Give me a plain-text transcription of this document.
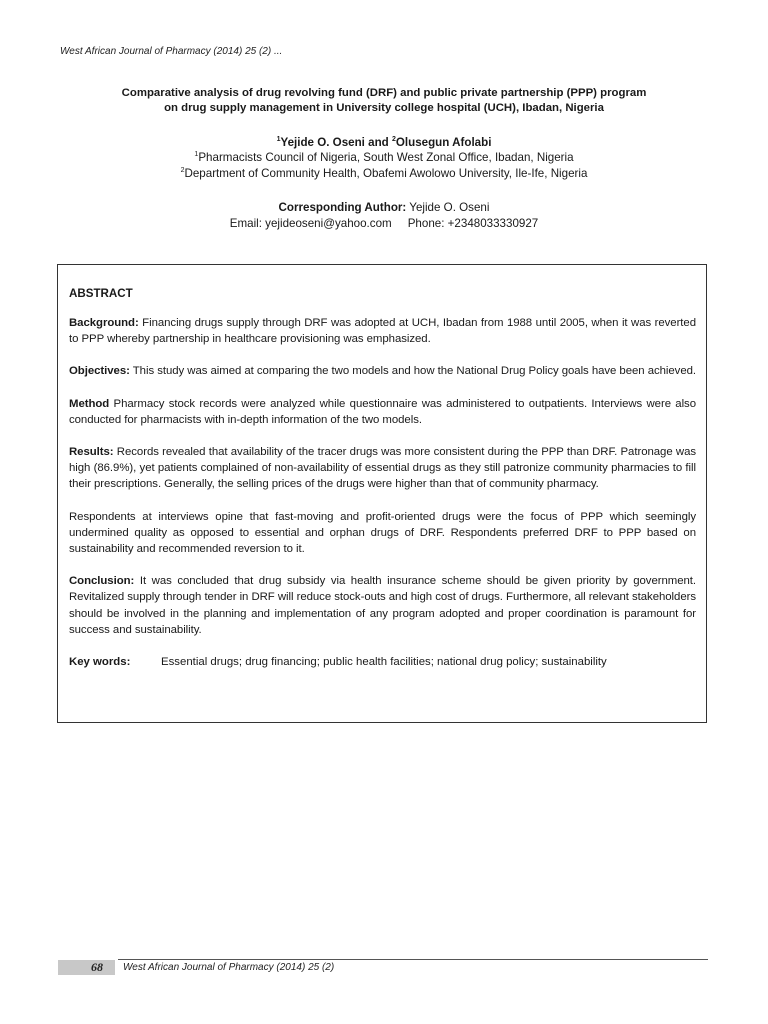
West African Journal of Pharmacy (2014) 25 (2) ...
Comparative analysis of drug revolving fund (DRF) and public private partnership (PPP) program
on drug supply management in University college hospital (UCH), Ibadan, Nigeria
$^1$Yejide O. Oseni and $^2$Olusegun Afolabi
$^1$Pharmacists Council of Nigeria, South West Zonal Office, Ibadan, Nigeria
$^2$Department of Community Health, Obafemi Awolowo University, Ile-Ife, Nigeria
Corresponding Author: Yejide O. Oseni
Email: yejideoseni@yahoo.com Phone: +2348033330927
ABSTRACT

Background: Financing drugs supply through DRF was adopted at UCH, Ibadan from 1988 until 2005, when it was reverted to PPP whereby partnership in healthcare provisioning was emphasized.

Objectives: This study was aimed at comparing the two models and how the National Drug Policy goals have been achieved.

Method Pharmacy stock records were analyzed while questionnaire was administered to outpatients. Interviews were also conducted for pharmacists with in-depth information of the two models.

Results: Records revealed that availability of the tracer drugs was more consistent during the PPP than DRF. Patronage was high (86.9%), yet patients complained of non-availability of essential drugs as they still patronize community pharmacies to fill their prescriptions. Generally, the selling prices of the drugs were higher than that of community pharmacy.

Respondents at interviews opine that fast-moving and profit-oriented drugs were the focus of PPP which seemingly undermined quality as opposed to essential and orphan drugs of DRF. Respondents preferred DRF to PPP based on sustainability and recommended reversion to it.

Conclusion: It was concluded that drug subsidy via health insurance scheme should be given priority by government. Revitalized supply through tender in DRF will reduce stock-outs and high cost of drugs. Furthermore, all relevant stakeholders should be involved in the planning and implementation of any program adopted and proper coordination is paramount for success and sustainability.

Key words:	Essential drugs; drug financing; public health facilities; national drug policy; sustainability
68 West African Journal of Pharmacy (2014) 25 (2)
